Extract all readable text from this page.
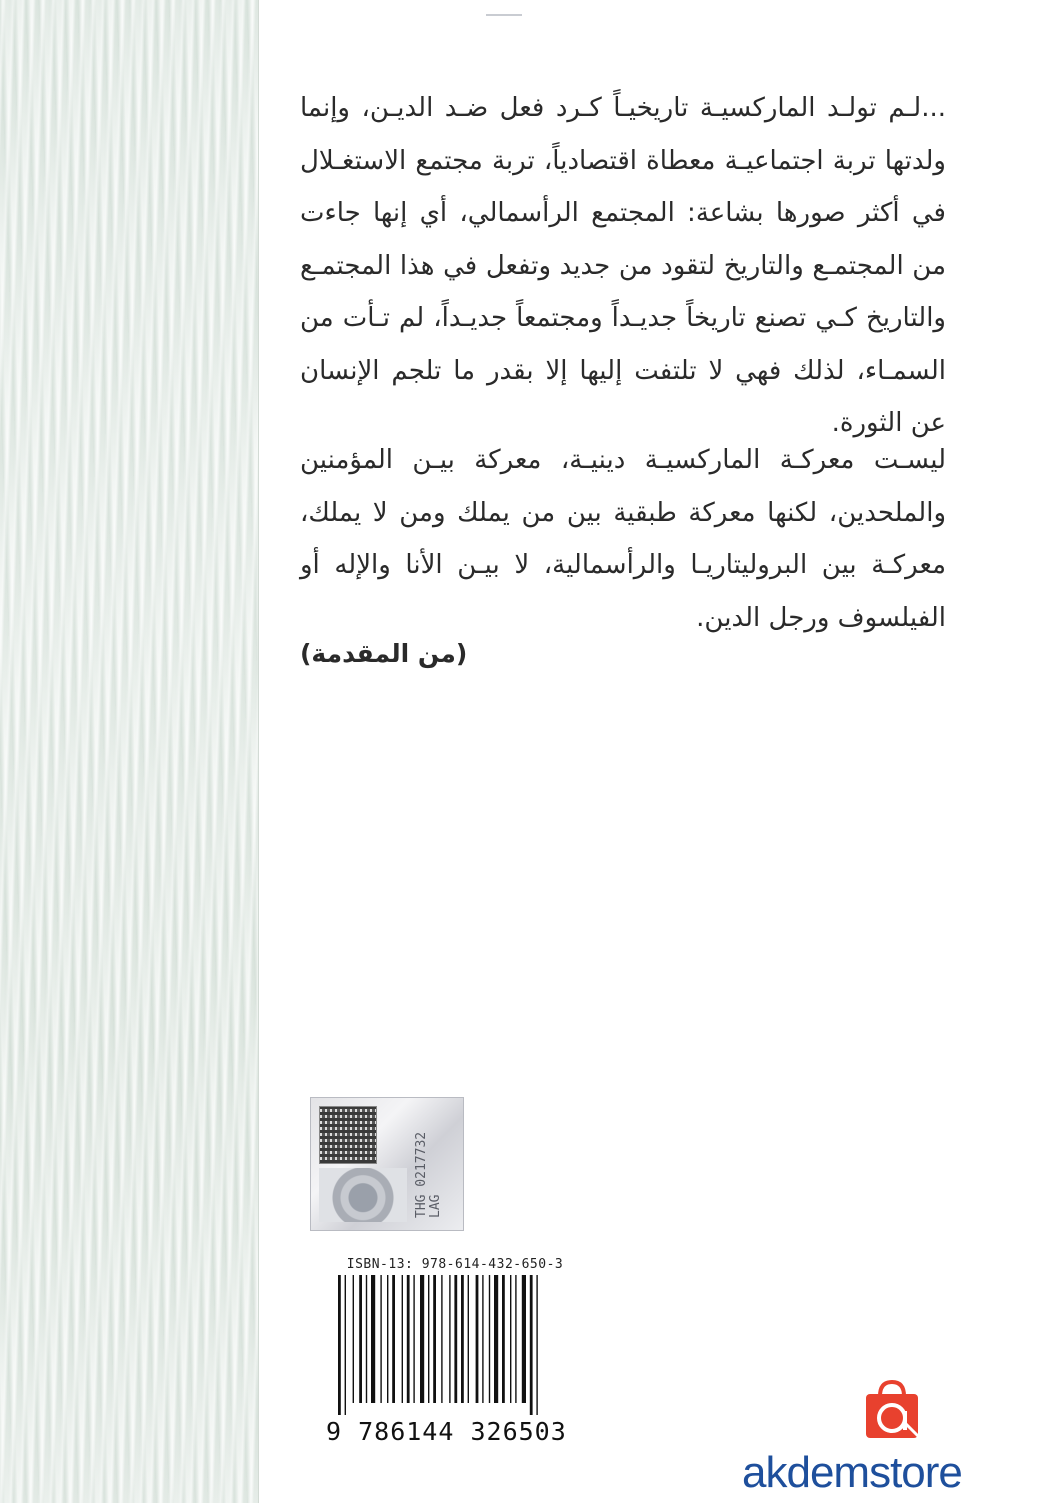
...لـم تولـد الماركسيـة تاريخيـاً كـرد فعل ضـد الديـن، وإنما ولدتها تربة اجتماعيـة معطاة اقتصادياً، تربة مجتمع الاستغـلال في أكثر صورها بشاعة: المجتمع الرأسمالي، أي إنها جاءت من المجتمـع والتاريخ لتقود من جديد وتفعل في هذا المجتمـع والتاريخ كـي تصنع تاريخاً جديـداً ومجتمعاً جديـداً، لم تـأت من السمـاء، لذلك فهي لا تلتفت إليها إلا بقدر ما تلجم الإنسان عن الثورة.
ليسـت معركـة الماركسيـة دينيـة، معركة بيـن المؤمنين والملحدين، لكنها معركة طبقية بين من يملك ومن لا يملك، معركـة بين البروليتاريـا والرأسمالية، لا بيـن الأنا والإله أو الفيلسوف ورجل الدين.
(من المقدمة)
THG 0217732 LAG
ISBN-13: 978-614-432-650-3
9 786144 326503
akdemstore
